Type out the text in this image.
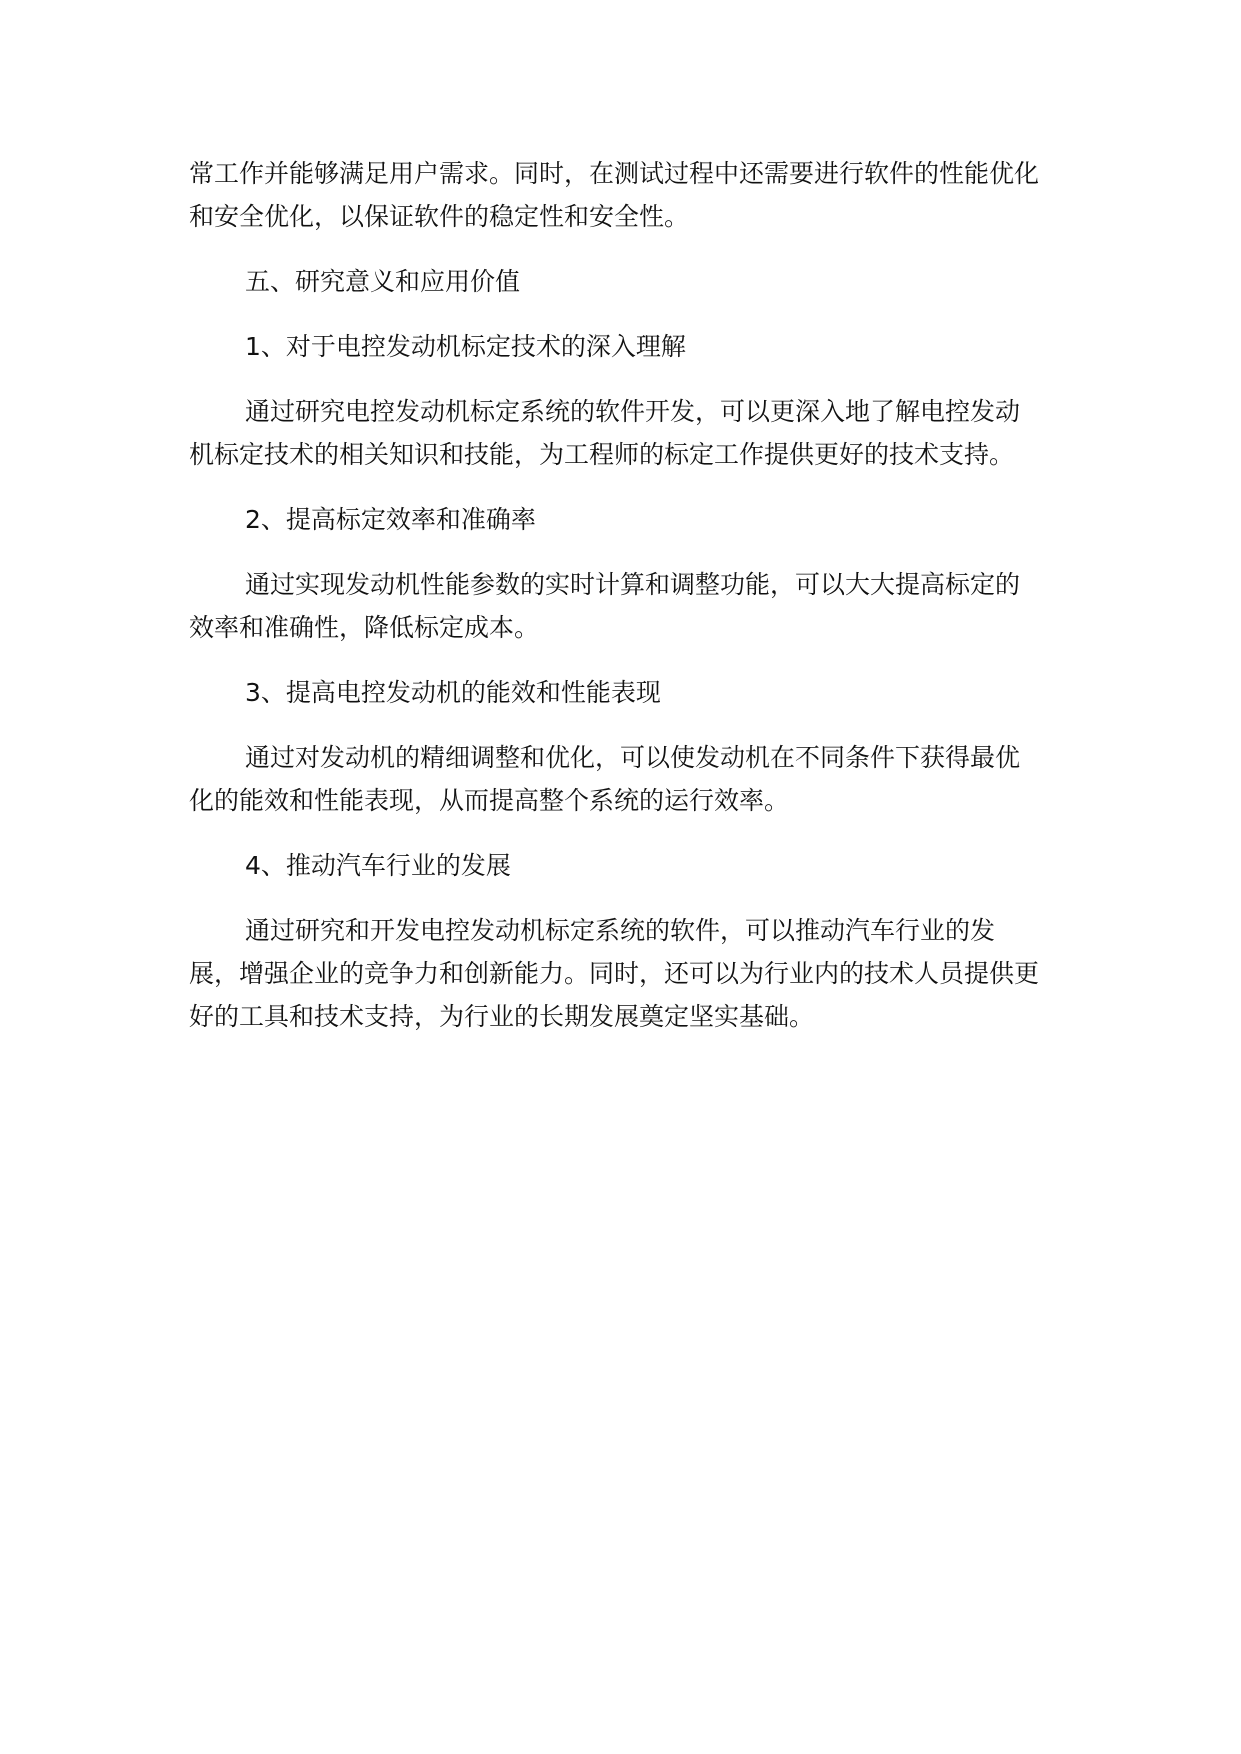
常工作并能够满足用户需求。同时，在测试过程中还需要进行软件的性能优化和安全优化，以保证软件的稳定性和安全性。

五、研究意义和应用价值

1、对于电控发动机标定技术的深入理解

通过研究电控发动机标定系统的软件开发，可以更深入地了解电控发动机标定技术的相关知识和技能，为工程师的标定工作提供更好的技术支持。

2、提高标定效率和准确率

通过实现发动机性能参数的实时计算和调整功能，可以大大提高标定的效率和准确性，降低标定成本。

3、提高电控发动机的能效和性能表现

通过对发动机的精细调整和优化，可以使发动机在不同条件下获得最优化的能效和性能表现，从而提高整个系统的运行效率。

4、推动汽车行业的发展

通过研究和开发电控发动机标定系统的软件，可以推动汽车行业的发展，增强企业的竞争力和创新能力。同时，还可以为行业内的技术人员提供更好的工具和技术支持，为行业的长期发展奠定坚实基础。
